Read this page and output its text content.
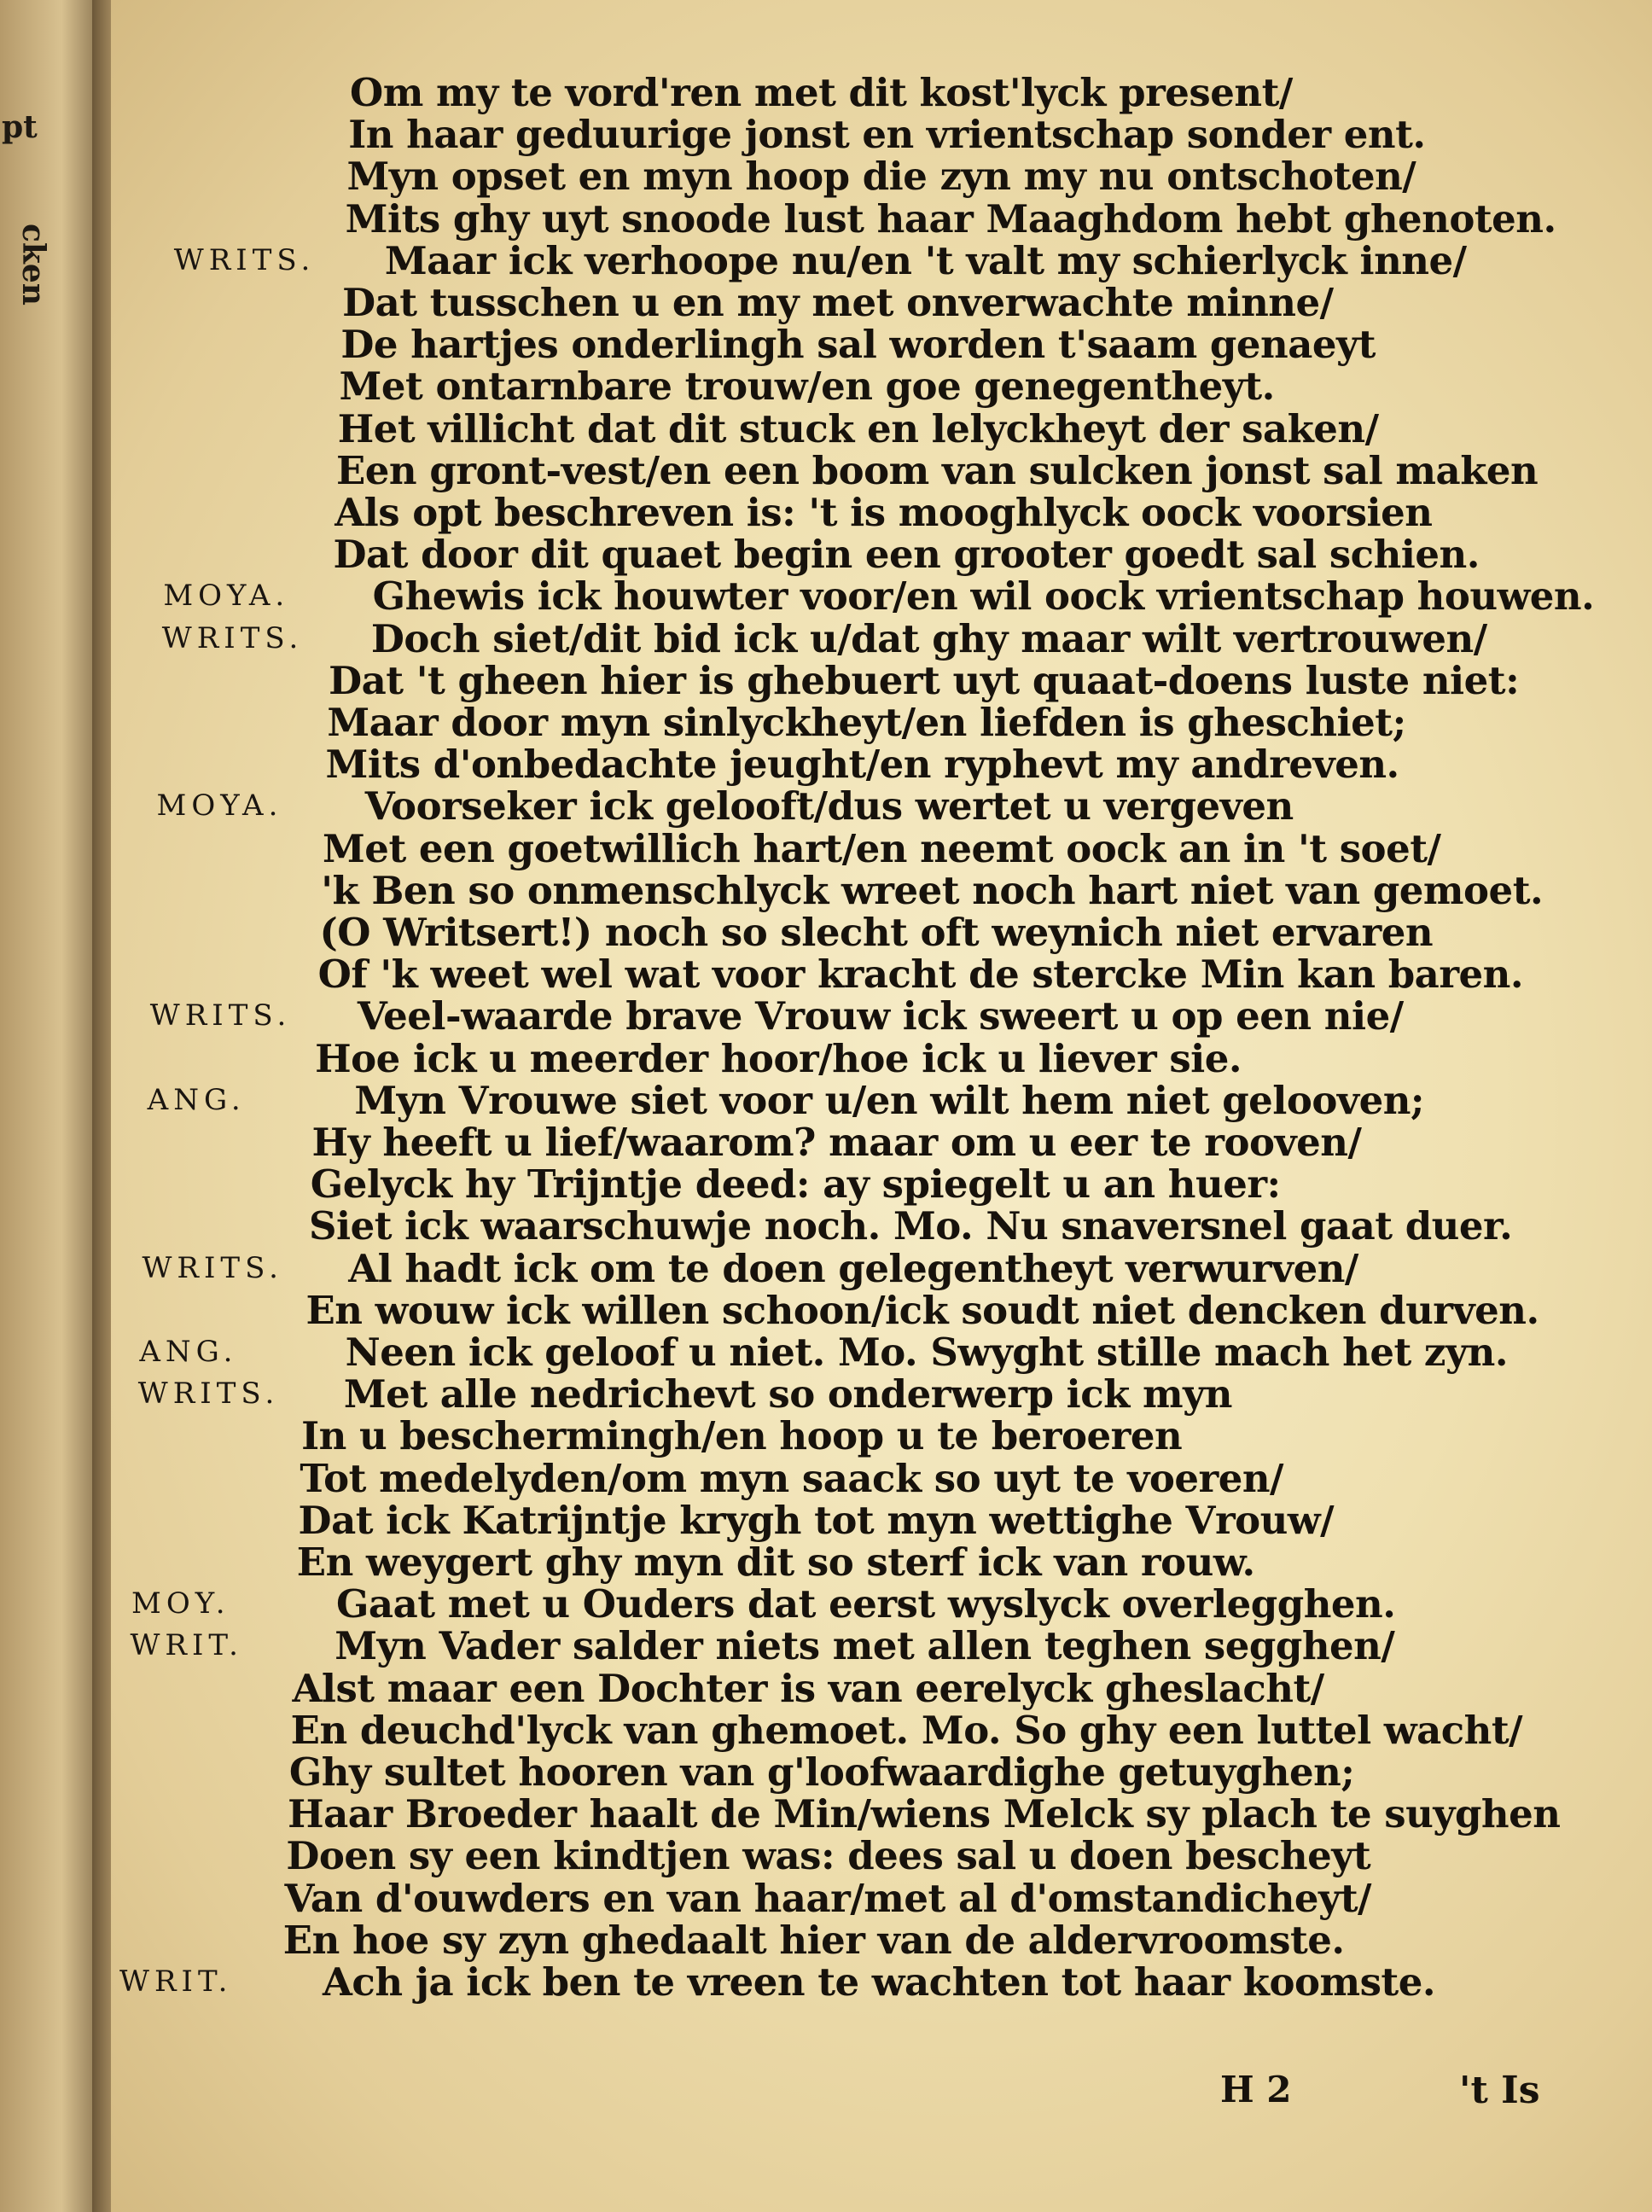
pt
cken
Om my te vord'ren met dit kost'lyck present/
In haar geduurige jonst en vrientschap sonder ent.
Myn opset en myn hoop die zyn my nu ontschoten/
Mits ghy uyt snoode lust haar Maaghdom hebt ghenoten.
WRITS. Maar ick verhoope nu/en 't valt my schierlyck inne/
Dat tusschen u en my met onverwachte minne/
De hartjes onderlingh sal worden t'saam genaeyt
Met ontarnbare trouw/en goe genegentheyt.
Het villicht dat dit stuck en lelyckheyt der saken/
Een gront-vest/en een boom van sulcken jonst sal maken
Als opt beschreven is: 't is mooghlyck oock voorsien
Dat door dit quaet begin een grooter goedt sal schien.
MOYA. Ghewis ick houwter voor/en wil oock vrientschap houwen.
WRITS. Doch siet/dit bid ick u/dat ghy maar wilt vertrouwen/
Dat 't gheen hier is ghebuert uyt quaat-doens luste niet:
Maar door myn sinlyckheyt/en liefden is gheschiet;
Mits d'onbedachte jeught/en ryphevt my andreven.
MOYA. Voorseker ick gelooft/dus wertet u vergeven
Met een goetwillich hart/en neemt oock an in 't soet/
'k Ben so onmenschlyck wreet noch hart niet van gemoet.
(O Writsert!) noch so slecht oft weynich niet ervaren
Of 'k weet wel wat voor kracht de stercke Min kan baren.
WRITS. Veel-waarde brave Vrouw ick sweert u op een nie/
Hoe ick u meerder hoor/hoe ick u liever sie.
ANG.	Myn Vrouwe siet voor u/en wilt hem niet gelooven;
Hy heeft u lief/waarom? maar om u eer te rooven/
Gelyck hy Trijntje deed: ay spiegelt u an huer:
Siet ick waarschuwje noch. Mo. Nu snaversnel gaat duer.
WRITS. Al hadt ick om te doen gelegentheyt verwurven/
En wouw ick willen schoon/ick soudt niet dencken durven.
ANG.	Neen ick geloof u niet. Mo. Swyght stille mach het zyn.
WRITS. Met alle nedrichevt so onderwerp ick myn
In u beschermingh/en hoop u te beroeren
Tot medelyden/om myn saack so uyt te voeren/
Dat ick Katrijntje krygh tot myn wettighe Vrouw/
En weygert ghy myn dit so sterf ick van rouw.
MOY.	Gaat met u Ouders dat eerst wyslyck overlegghen.
WRIT. Myn Vader salder niets met allen teghen segghen/
Alst maar een Dochter is van eerelyck gheslacht/
En deuchd'lyck van ghemoet. Mo. So ghy een luttel wacht/
Ghy sultet hooren van g'loofwaardighe getuyghen;
Haar Broeder haalt de Min/wiens Melck sy plach te suyghen
Doen sy een kindtjen was: dees sal u doen bescheyt
Van d'ouwders en van haar/met al d'omstandicheyt/
En hoe sy zyn ghedaalt hier van de aldervroomste.
WRIT. Ach ja ick ben te vreen te wachten tot haar koomste.
H 2	't Is
